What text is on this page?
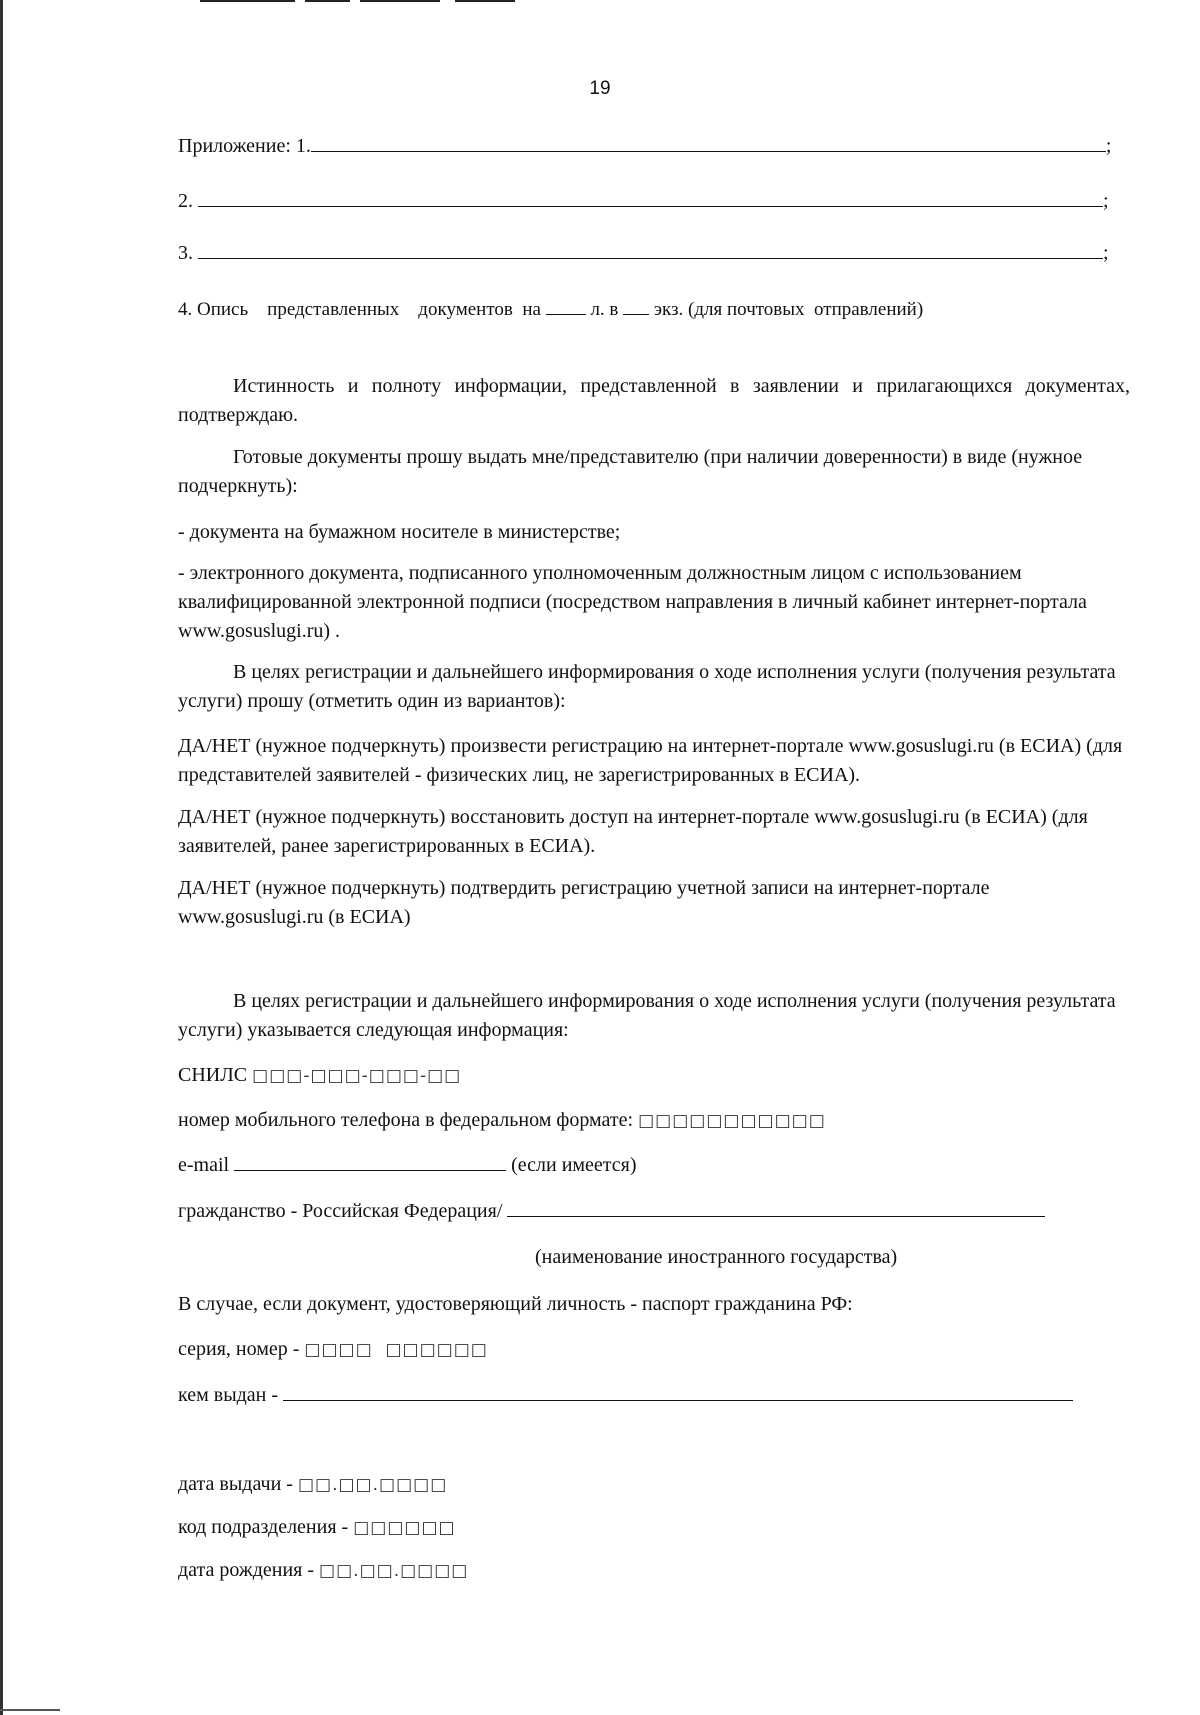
19
Приложение: 1.	;
2.	;
3.	;
4. Опись    представленных    документов  на	л. в экз. (для почтовых  отправлений)
Истинность и полноту информации, представленной в заявлении и прилагающихся документах, подтверждаю.
Готовые документы прошу выдать мне/представителю (при наличии доверенности) в виде (нужное подчеркнуть):
- документа на бумажном носителе в министерстве;
- электронного документа, подписанного уполномоченным должностным лицом с использованием квалифицированной электронной подписи (посредством направления в личный кабинет интернет-портала www.gosuslugi.ru) .
В целях регистрации и дальнейшего информирования о ходе исполнения услуги (получения результата услуги) прошу (отметить один из вариантов):
ДА/НЕТ (нужное подчеркнуть) произвести регистрацию на интернет-портале www.gosuslugi.ru (в ЕСИА) (для представителей заявителей - физических лиц, не зарегистрированных в ЕСИА).
ДА/НЕТ (нужное подчеркнуть) восстановить доступ на интернет-портале www.gosuslugi.ru (в ЕСИА) (для заявителей, ранее зарегистрированных в ЕСИА).
ДА/НЕТ (нужное подчеркнуть) подтвердить регистрацию учетной записи на интернет-портале www.gosuslugi.ru (в ЕСИА)
В целях регистрации и дальнейшего информирования о ходе исполнения услуги (получения результата услуги) указывается следующая информация:
СНИЛС □□□-□□□-□□□-□□
номер мобильного телефона в федеральном формате: □□□□□□□□□□□
e-mail	(если имеется)
гражданство - Российская Федерация/
(наименование иностранного государства)
В случае, если документ, удостоверяющий личность - паспорт гражданина РФ:
серия, номер - □□□□  □□□□□□
кем выдан -
дата выдачи - □□.□□.□□□□
код подразделения - □□□□□□
дата рождения - □□.□□.□□□□
